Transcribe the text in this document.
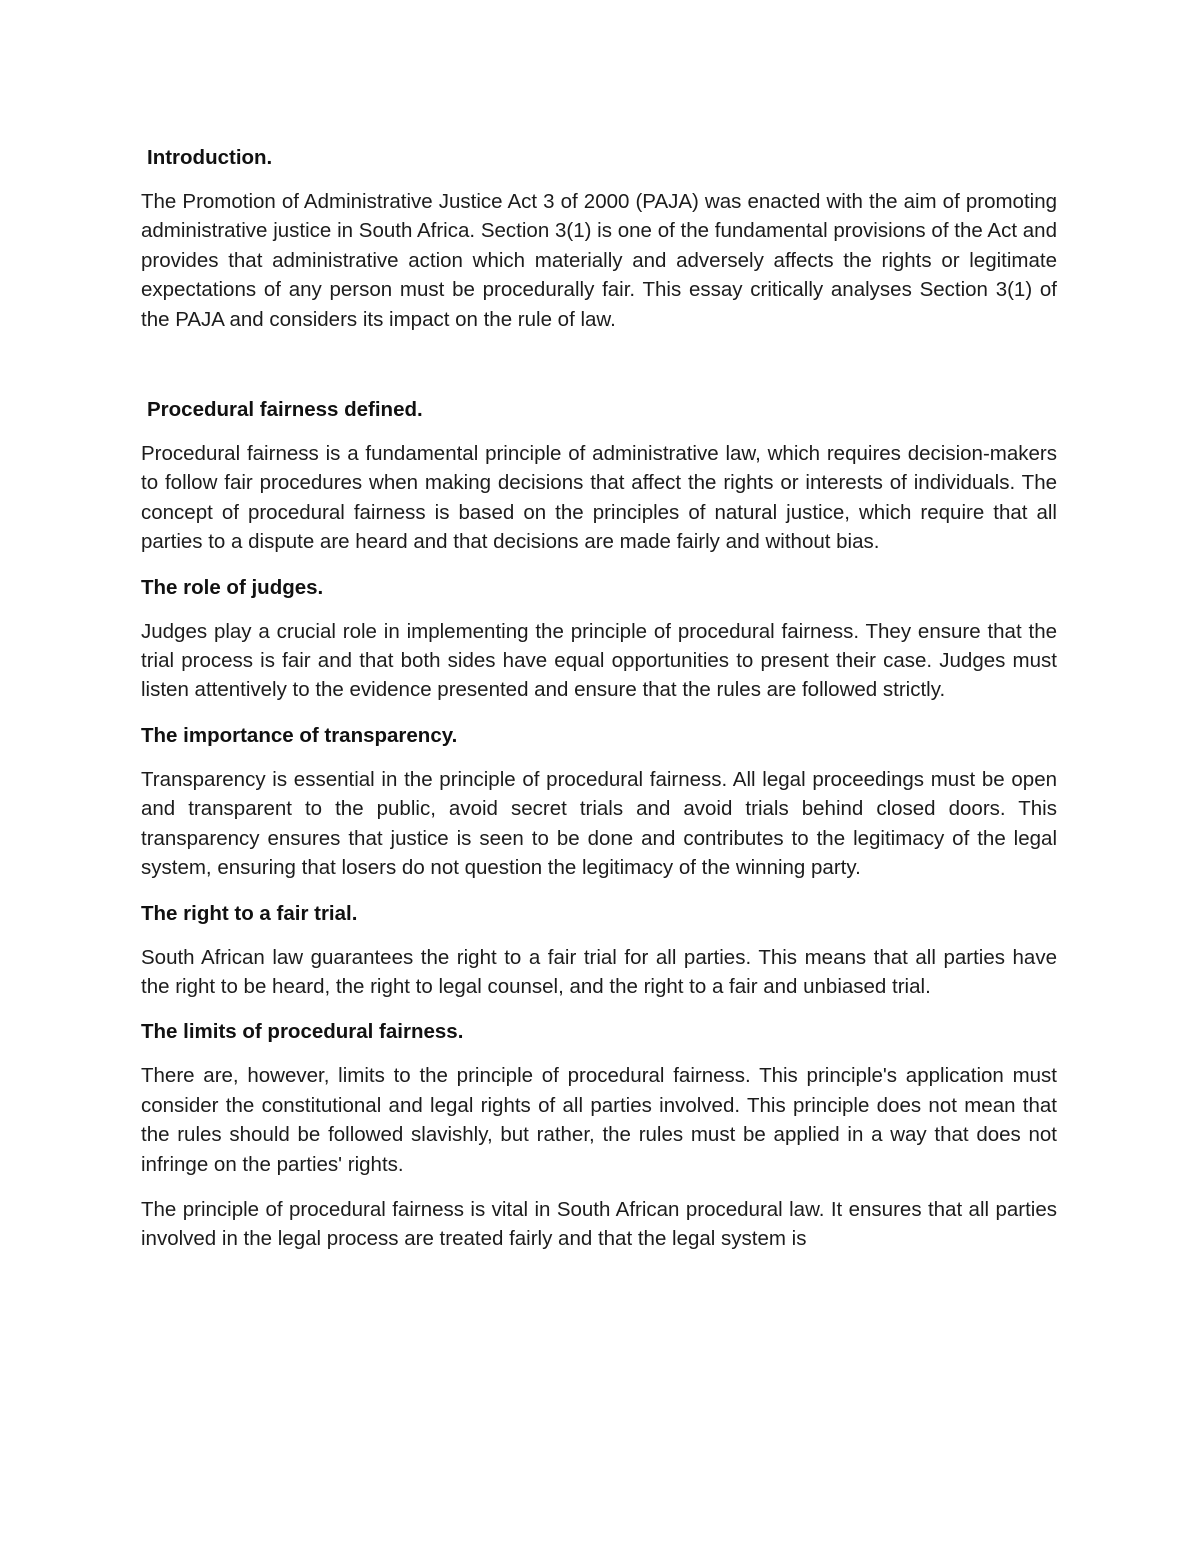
Introduction.

The Promotion of Administrative Justice Act 3 of 2000 (PAJA) was enacted with the aim of promoting administrative justice in South Africa. Section 3(1) is one of the fundamental provisions of the Act and provides that administrative action which materially and adversely affects the rights or legitimate expectations of any person must be procedurally fair. This essay critically analyses Section 3(1) of the PAJA and considers its impact on the rule of law.

Procedural fairness defined.

Procedural fairness is a fundamental principle of administrative law, which requires decision-makers to follow fair procedures when making decisions that affect the rights or interests of individuals. The concept of procedural fairness is based on the principles of natural justice, which require that all parties to a dispute are heard and that decisions are made fairly and without bias.

The role of judges.

Judges play a crucial role in implementing the principle of procedural fairness. They ensure that the trial process is fair and that both sides have equal opportunities to present their case. Judges must listen attentively to the evidence presented and ensure that the rules are followed strictly.

The importance of transparency.

Transparency is essential in the principle of procedural fairness. All legal proceedings must be open and transparent to the public, avoid secret trials and avoid trials behind closed doors. This transparency ensures that justice is seen to be done and contributes to the legitimacy of the legal system, ensuring that losers do not question the legitimacy of the winning party.

The right to a fair trial.

South African law guarantees the right to a fair trial for all parties. This means that all parties have the right to be heard, the right to legal counsel, and the right to a fair and unbiased trial.

The limits of procedural fairness.

There are, however, limits to the principle of procedural fairness. This principle's application must consider the constitutional and legal rights of all parties involved. This principle does not mean that the rules should be followed slavishly, but rather, the rules must be applied in a way that does not infringe on the parties' rights.

The principle of procedural fairness is vital in South African procedural law. It ensures that all parties involved in the legal process are treated fairly and that the legal system is
